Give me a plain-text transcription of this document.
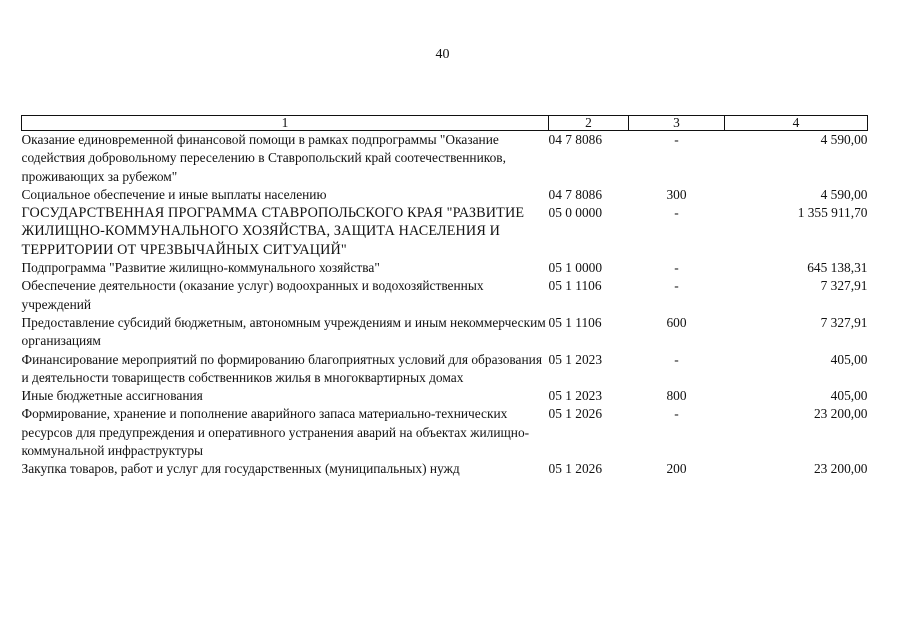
40
1	2	3	4
Оказание единовременной финансовой помощи в рамках подпрограммы "Оказание содействия добровольному переселению в Ставропольский край соотечественников, проживающих за рубежом"	04 7 8086	-	4 590,00
Социальное обеспечение и иные выплаты населению	04 7 8086	300	4 590,00
ГОСУДАРСТВЕННАЯ ПРОГРАММА СТАВРОПОЛЬСКОГО КРАЯ "РАЗВИТИЕ ЖИЛИЩНО-КОММУНАЛЬНОГО ХОЗЯЙСТВА, ЗАЩИТА НАСЕЛЕНИЯ И ТЕРРИТОРИИ ОТ ЧРЕЗВЫЧАЙНЫХ СИТУАЦИЙ"	05 0 0000	-	1 355 911,70
Подпрограмма "Развитие жилищно-коммунального хозяйства"	05 1 0000	-	645 138,31
Обеспечение деятельности (оказание услуг) водоохранных и водохозяйственных учреждений	05 1 1106	-	7 327,91
Предоставление субсидий бюджетным, автономным учреждениям и иным некоммерческим организациям	05 1 1106	600	7 327,91
Финансирование мероприятий по формированию благоприятных условий для образования и деятельности товариществ собственников жилья в многоквартирных домах	05 1 2023	-	405,00
Иные бюджетные ассигнования	05 1 2023	800	405,00
Формирование, хранение и пополнение аварийного запаса материально-технических ресурсов для предупреждения и оперативного устранения аварий на объектах жилищно-коммунальной инфраструктуры	05 1 2026	-	23 200,00
Закупка товаров, работ и услуг для государственных (муниципальных) нужд	05 1 2026	200	23 200,00
